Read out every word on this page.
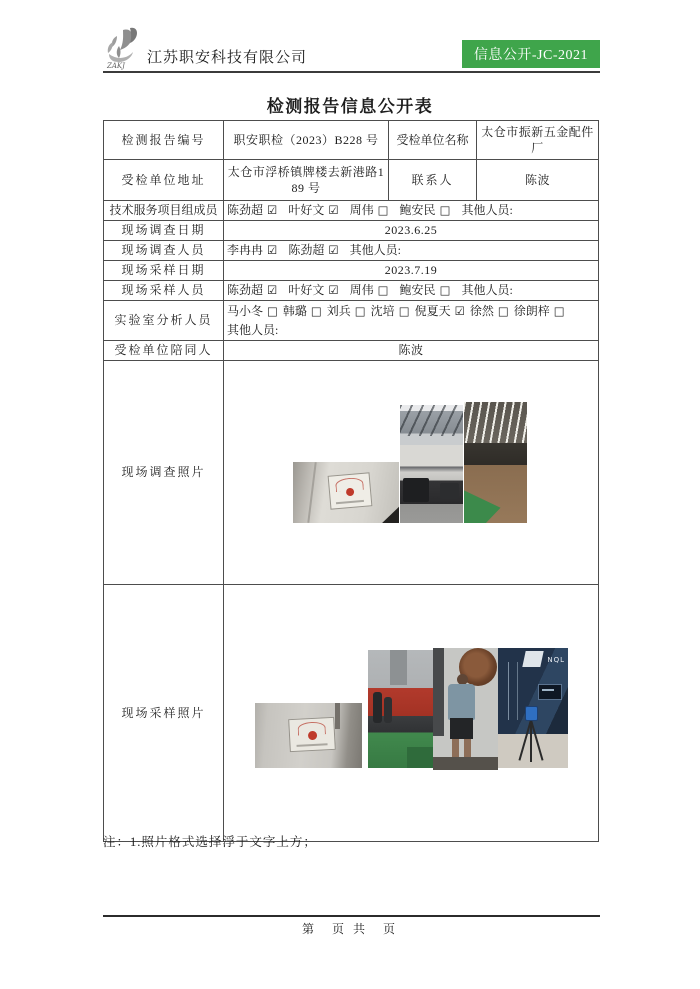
ZAKJ 江苏职安科技有限公司	信息公开-JC-2021
检测报告信息公开表
检测报告编号	职安职检（2023）B228 号	受检单位名称	太仓市振新五金配件厂
受检单位地址	太仓市浮桥镇牌楼去新港路189 号	联系人	陈波
技术服务项目组成员	陈劲超 ☑ 叶好文 ☑ 周伟 □ 鲍安民 □ 其他人员:		
现场调查日期	2023.6.25		
现场调查人员	李冉冉 ☑ 陈劲超 ☑ 其他人员:		
现场采样日期	2023.7.19		
现场采样人员	陈劲超 ☑ 叶好文 ☑ 周伟 □ 鲍安民 □ 其他人员:		
实验室分析人员	马小冬 □ 韩璐 □ 刘兵 □ 沈培 □ 倪夏天 ☑ 徐然 □ 徐朗梓 □
其他人员:		

受检单位陪同人	陈波		
现场调查照片			
现场采样照片			
NQL
注：1.照片格式选择浮于文字上方；
第　页 共　页
